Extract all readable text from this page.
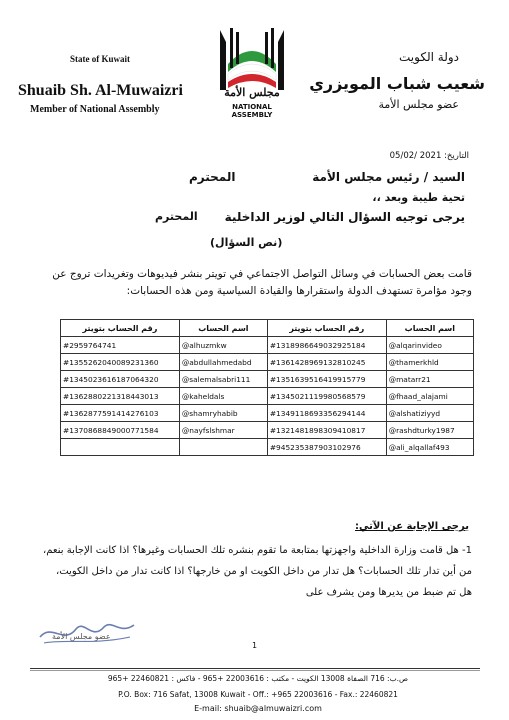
State of Kuwait
Shuaib Sh. Al-Muwaizri
Member of National Assembly
دولة الكويت
شعيب شباب المويزري
عضو مجلس الأمة
مجلس الأمة
NATIONAL ASSEMBLY
التاريخ: 2021 /05/02
السيد / رئيس مجلس الأمة
المحترم
تحية طيبة وبعد ،،
يرجى توجيه السؤال التالي لوزير الداخلية
المحترم
(نص السؤال)
قامت بعض الحسابات في وسائل التواصل الاجتماعي في تويتر بنشر فيديوهات وتغريدات تروج عن وجود مؤامرة تستهدف الدولة واستقرارها والقيادة السياسية ومن هذه الحسابات:
اسم الحساب	رقم الحساب بتويتر	اسم الحساب	رقم الحساب بتويتر
@alqarinvideo	#1318986649032925184	@alhuzmkw	#2959764741
@thamerkhld	#1361428969132810245	@abdullahmedabd	#1355262040089231360
@matarr21	#1351639516419915779	@salemalsabri111	#1345023616187064320
@fhaad_alajami	#1345021119980568579	@kaheldals	#1362880221318443013
@alshatiziyyd	#1349118693356294144	@shamryhabib	#1362877591414276103
@rashdturky1987	#1321481898309410817	@nayfslshmar	#1370868849000771584
@ali_alqallaf493	#945235387903102976		
يرجى الإجابة عن الآتي:
1- هل قامت وزارة الداخلية واجهزتها بمتابعة ما تقوم بنشره تلك الحسابات وغيرها؟ اذا كانت الإجابة بنعم، من أين تدار تلك الحسابات؟ هل تدار من داخل الكويت او من خارجها؟ اذا كانت تدار من داخل الكويت، هل تم ضبط من يديرها ومن يشرف على
عضو مجلس الأمة
1
ص.ب: 716 الصفاة 13008 الكويت - مكتب : 22003616 +965 - فاكس : 22460821 +965
P.O. Box: 716 Safat, 13008 Kuwait - Off.: +965 22003616 - Fax.: 22460821
E-mail: shuaib@almuwaizri.com
